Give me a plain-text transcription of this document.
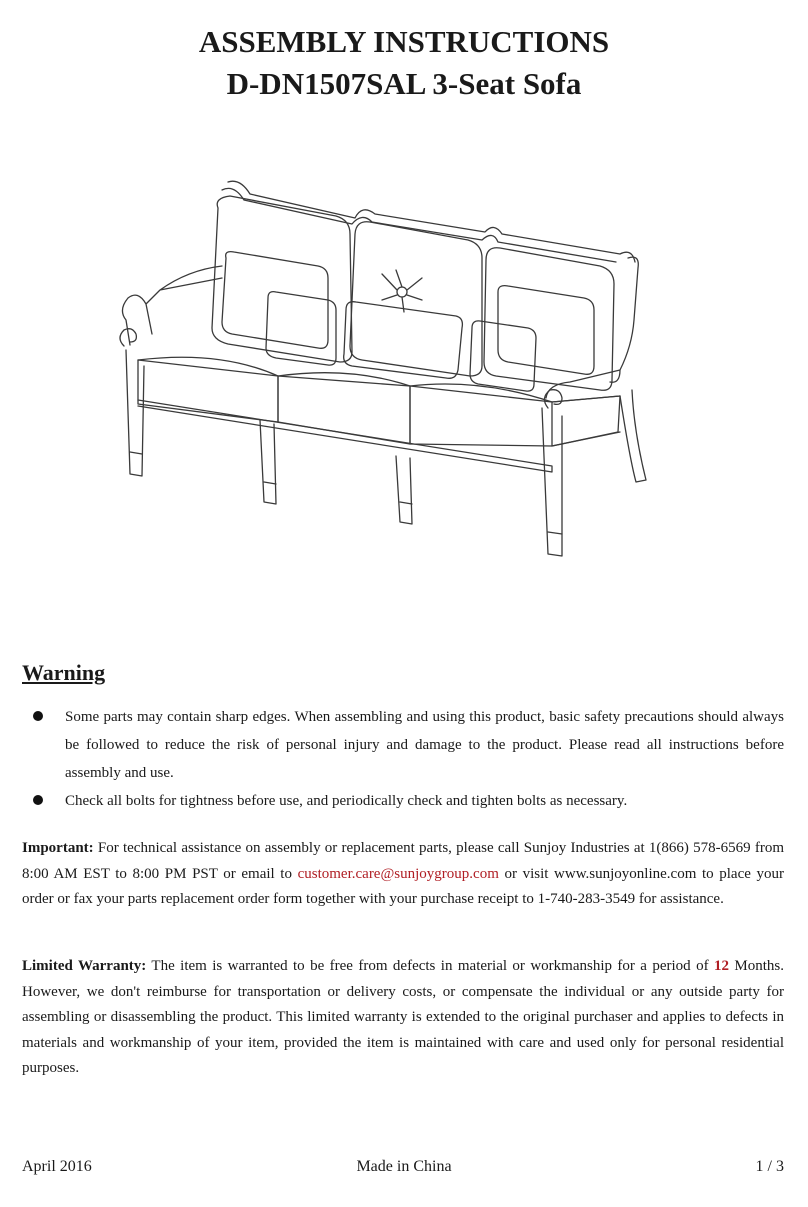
ASSEMBLY INSTRUCTIONS
D-DN1507SAL 3-Seat Sofa
Warning
Some parts may contain sharp edges. When assembling and using this product, basic safety precautions should always be followed to reduce the risk of personal injury and damage to the product. Please read all instructions before assembly and use.
Check all bolts for tightness before use, and periodically check and tighten bolts as necessary.

Important: For technical assistance on assembly or replacement parts, please call Sunjoy Industries at 1(866) 578-6569 from 8:00 AM EST to 8:00 PM PST or email to customer.care@sunjoygroup.com or visit www.sunjoyonline.com to place your order or fax your parts replacement order form together with your purchase receipt to 1-740-283-3549 for assistance.

Limited Warranty: The item is warranted to be free from defects in material or workmanship for a period of 12 Months. However, we don't reimburse for transportation or delivery costs, or compensate the individual or any outside party for assembling or disassembling the product. This limited warranty is extended to the original purchaser and applies to defects in materials and workmanship of your item, provided the item is maintained with care and used only for personal residential purposes.

April 2016	Made in China	1 / 3
